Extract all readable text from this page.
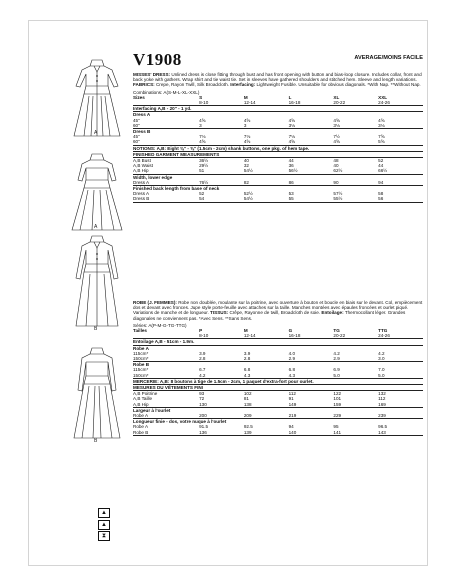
A
A
B
B
V1908	AVERAGE/MOINS FACILE
MISSES' DRESS: Unlined dress is close fitting through bust and has front opening with button and bias-loop closure. Includes collar, front and back yoke with gathers. Wrap shirt and tie waist tie. Set in sleeves have gathered shoulders and stitched hem. Sleeve and length variations. FABRICS: Crepe, Rayon Twill, Silk Broadcloth. Interfacing: Lightweight Fusible. Unsuitable for obvious diagonals. *With Nap. **Without Nap.
Combinations: A(S-M-L-XL-XXL)
Sizes	S	M	L	XL	XXL
	8-10	12-14	16-18	20-22	24-26
Interfacing A,B - 20" - 1 yd.					
Dress A					
45"	4⅝	4⅝	4⅝	4⅝	4⅝
60"	3	3	3⅛	3⅛	3⅛
Dress B					
45"	7⅛	7⅛	7⅛	7½	7⅝
60"	4⅝	4⅝	4⅝	4⅝	5⅝
NOTIONS: A,B: Eight ⅜" - ⅝" (1.5cm - 2cm) shank buttons, one pkg. of hem tape.					
FINISHED GARMENT MEASUREMENTS					
A,B Bust	36½	40	44	48	52
A,B Waist	29½	32	36	40	44
A,B Hip	51	54½	56½	62½	66½
Width, lower edge					
Dress A	76½	82	86	90	94
Finished back length from base of neck					
Dress A	52	52½	53	57½	58
Dress B	54	54½	55	55½	56
ROBE (J. FEMMES): Robe non doublée, moulante sur la poitrine, avec ouverture à bouton et boucle en biais sur le devant. Col, empiècement dos et devant avec fronces. Jupe style porte-feuille avec attaches sur la taille. Manches montées avec épaules froncées et ourlet piqué. Variations de manche et de longueur. TISSUS: Crêpe, Rayonne de twill, Broadcloth de soie. Entoilage: Thermocollant léger. Grandes diagonales ne conviennent pas. *Avec Sens. **Sans Sens.
Séries: A(P-M-G-TG-TTG)
Tailles	P	M	G	TG	TTG
	8-10	12-14	16-18	20-22	24-26
Entoilage A,B - 51cm - 1.9m.					
Robe A					
115cm*	3.9	3.9	4.0	4.2	4.2
150cm*	2.8	2.8	2.9	2.9	3.0
Robe B					
115cm*	6.7	6.8	6.8	6.9	7.0
150cm*	4.2	4.3	4.3	5.0	5.0
MERCERIE: A,B: 8 boutons à tige de 1.5cm - 2cm, 1 paquet d'extra-fort pour ourlet.					
MESURES DU VÊTEMENTS FINI					
A,B Poitrine	93	102	112	122	132
A,B Taille	72	81	91	101	112
A,B Hip	130	138	149	159	169
Largeur à l'ourlet					
Robe A	200	209	219	229	239
Longueur finie - dos, votre nuque à l'ourlet					
Robe A	91.5	92.5	94	95	96.5
Robe B	136	139	140	141	143
▲
▲
⧗
